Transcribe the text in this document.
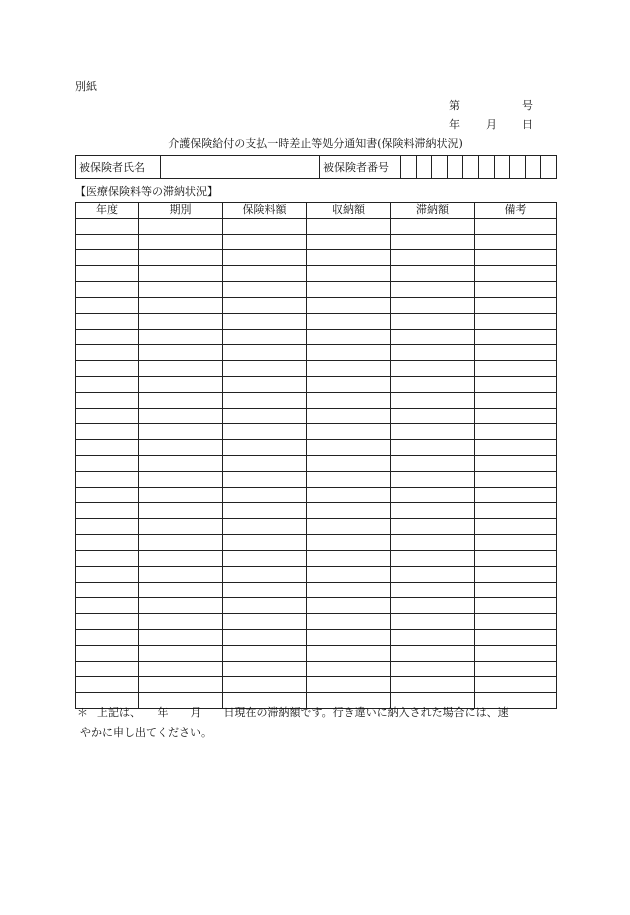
別紙
第	号
年 月 日
介護保険給付の支払一時差止等処分通知書(保険料滞納状況)
被保険者氏名		被保険者番号										
【医療保険料等の滞納状況】
年度	期別	保険料額	収納額	滞納額	備考

＊ 上記は、　　年　　月　　日現在の滞納額です。行き違いに納入された場合には、速
やかに申し出てください。
